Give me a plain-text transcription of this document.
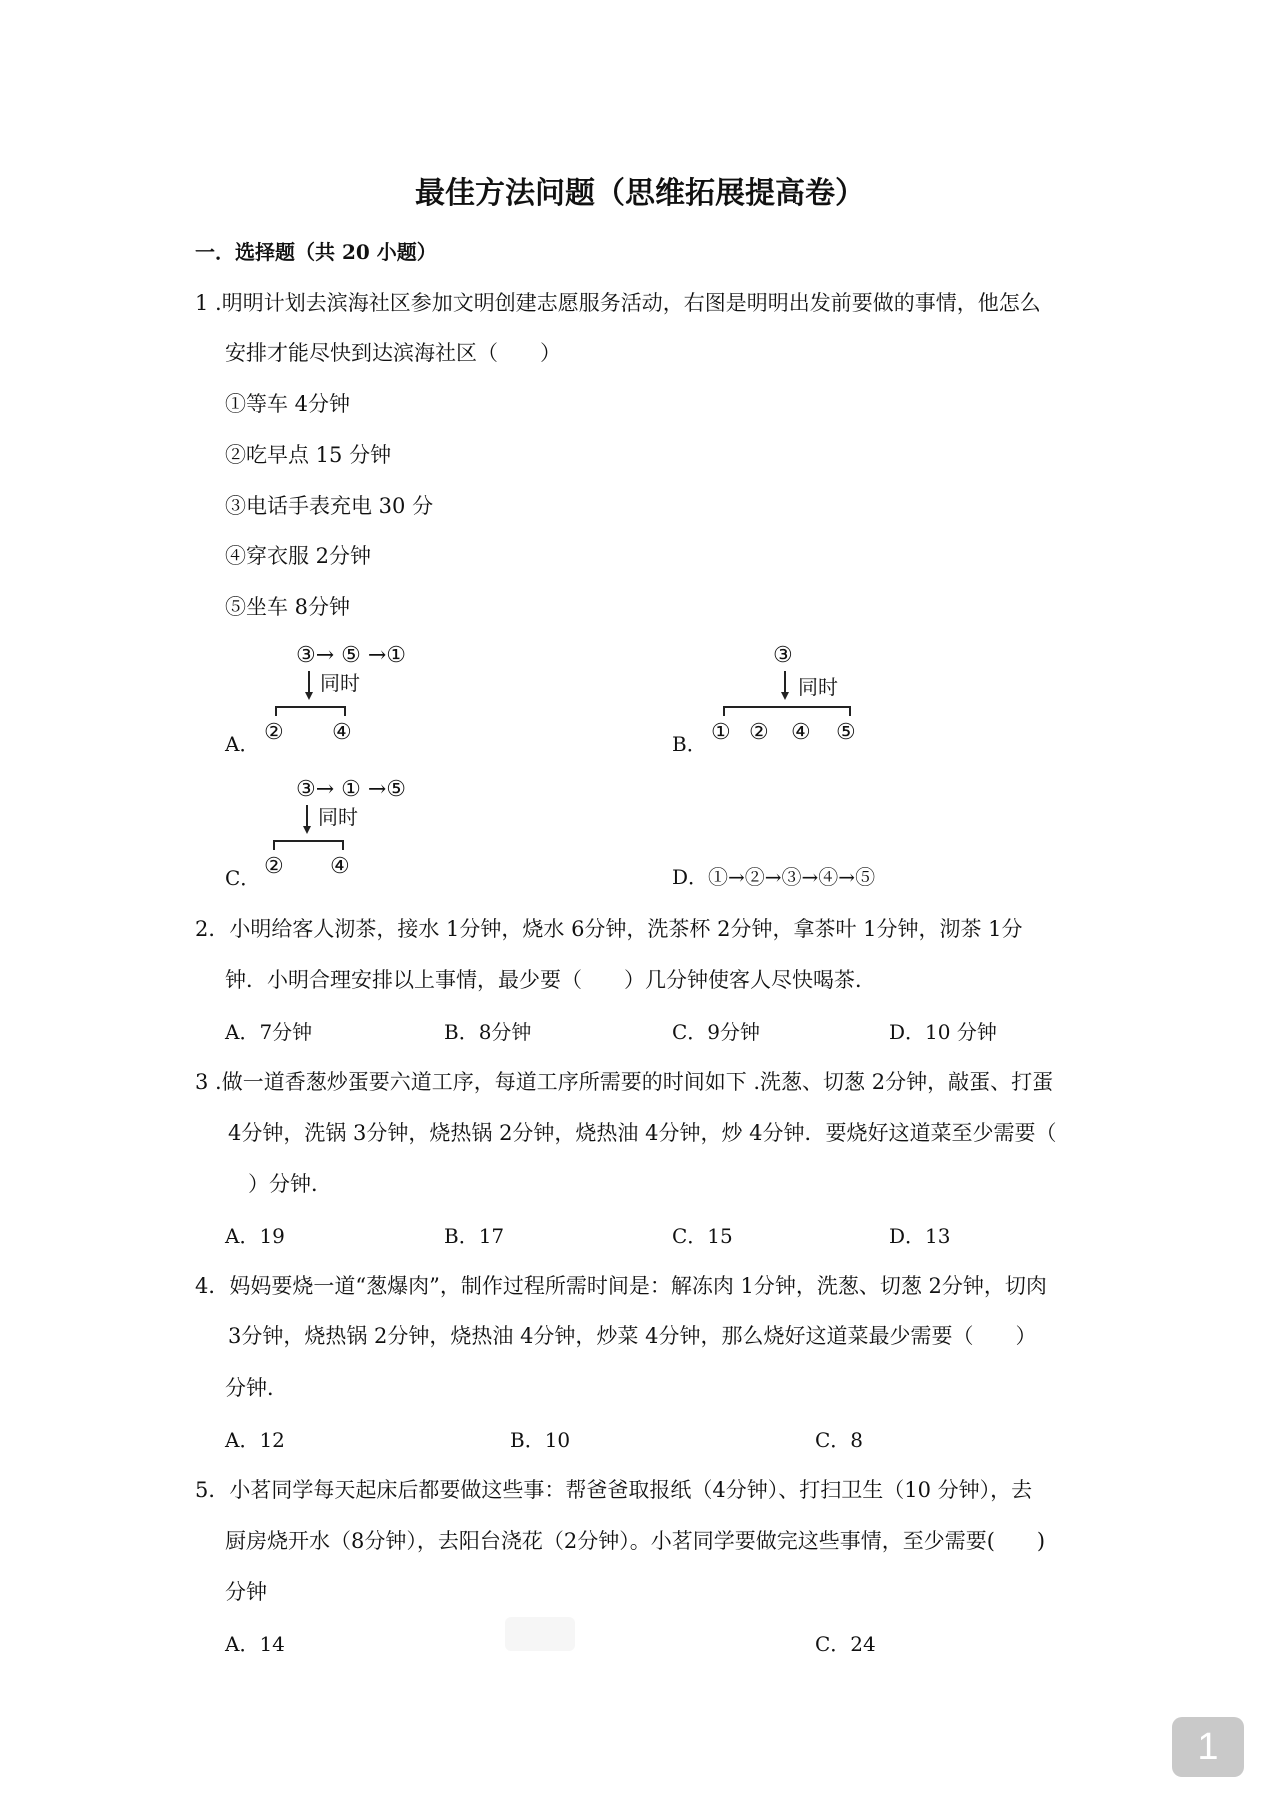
最佳方法问题（思维拓展提高卷）
一．选择题（共 20 小题）
1 .明明计划去滨海社区参加文明创建志愿服务活动，右图是明明出发前要做的事情，他怎么
安排才能尽快到达滨海社区（　　）
①等车 4分钟
②吃早点 15 分钟
③电话手表充电 30 分
④穿衣服 2分钟
⑤坐车 8分钟
③→ ⑤ →①
同时
A． ② ④
③
同时
B． ① ② ④ ⑤
③→ ① →⑤
同时
C． ② ④	D．①→②→③→④→⑤
2．小明给客人沏茶，接水 1分钟，烧水 6分钟，洗茶杯 2分钟，拿茶叶 1分钟，沏茶 1分
钟．小明合理安排以上事情，最少要（　　）几分钟使客人尽快喝茶．
A．7分钟	B．8分钟	C．9分钟	D．10 分钟
3 .做一道香葱炒蛋要六道工序，每道工序所需要的时间如下 .洗葱、切葱 2分钟，敲蛋、打蛋
4分钟，洗锅 3分钟，烧热锅 2分钟，烧热油 4分钟，炒 4分钟．要烧好这道菜至少需要（
）分钟．
A．19	B．17	C．15	D．13
4．妈妈要烧一道“葱爆肉”，制作过程所需时间是：解冻肉 1分钟，洗葱、切葱 2分钟，切肉
3分钟，烧热锅 2分钟，烧热油 4分钟，炒菜 4分钟，那么烧好这道菜最少需要（　　）
分钟．
A．12	B．10	C．8
5．小茗同学每天起床后都要做这些事：帮爸爸取报纸（4分钟）、打扫卫生（10 分钟），去
厨房烧开水（8分钟），去阳台浇花（2分钟）。小茗同学要做完这些事情，至少需要(　　)
分钟
A．14	C．24
1
